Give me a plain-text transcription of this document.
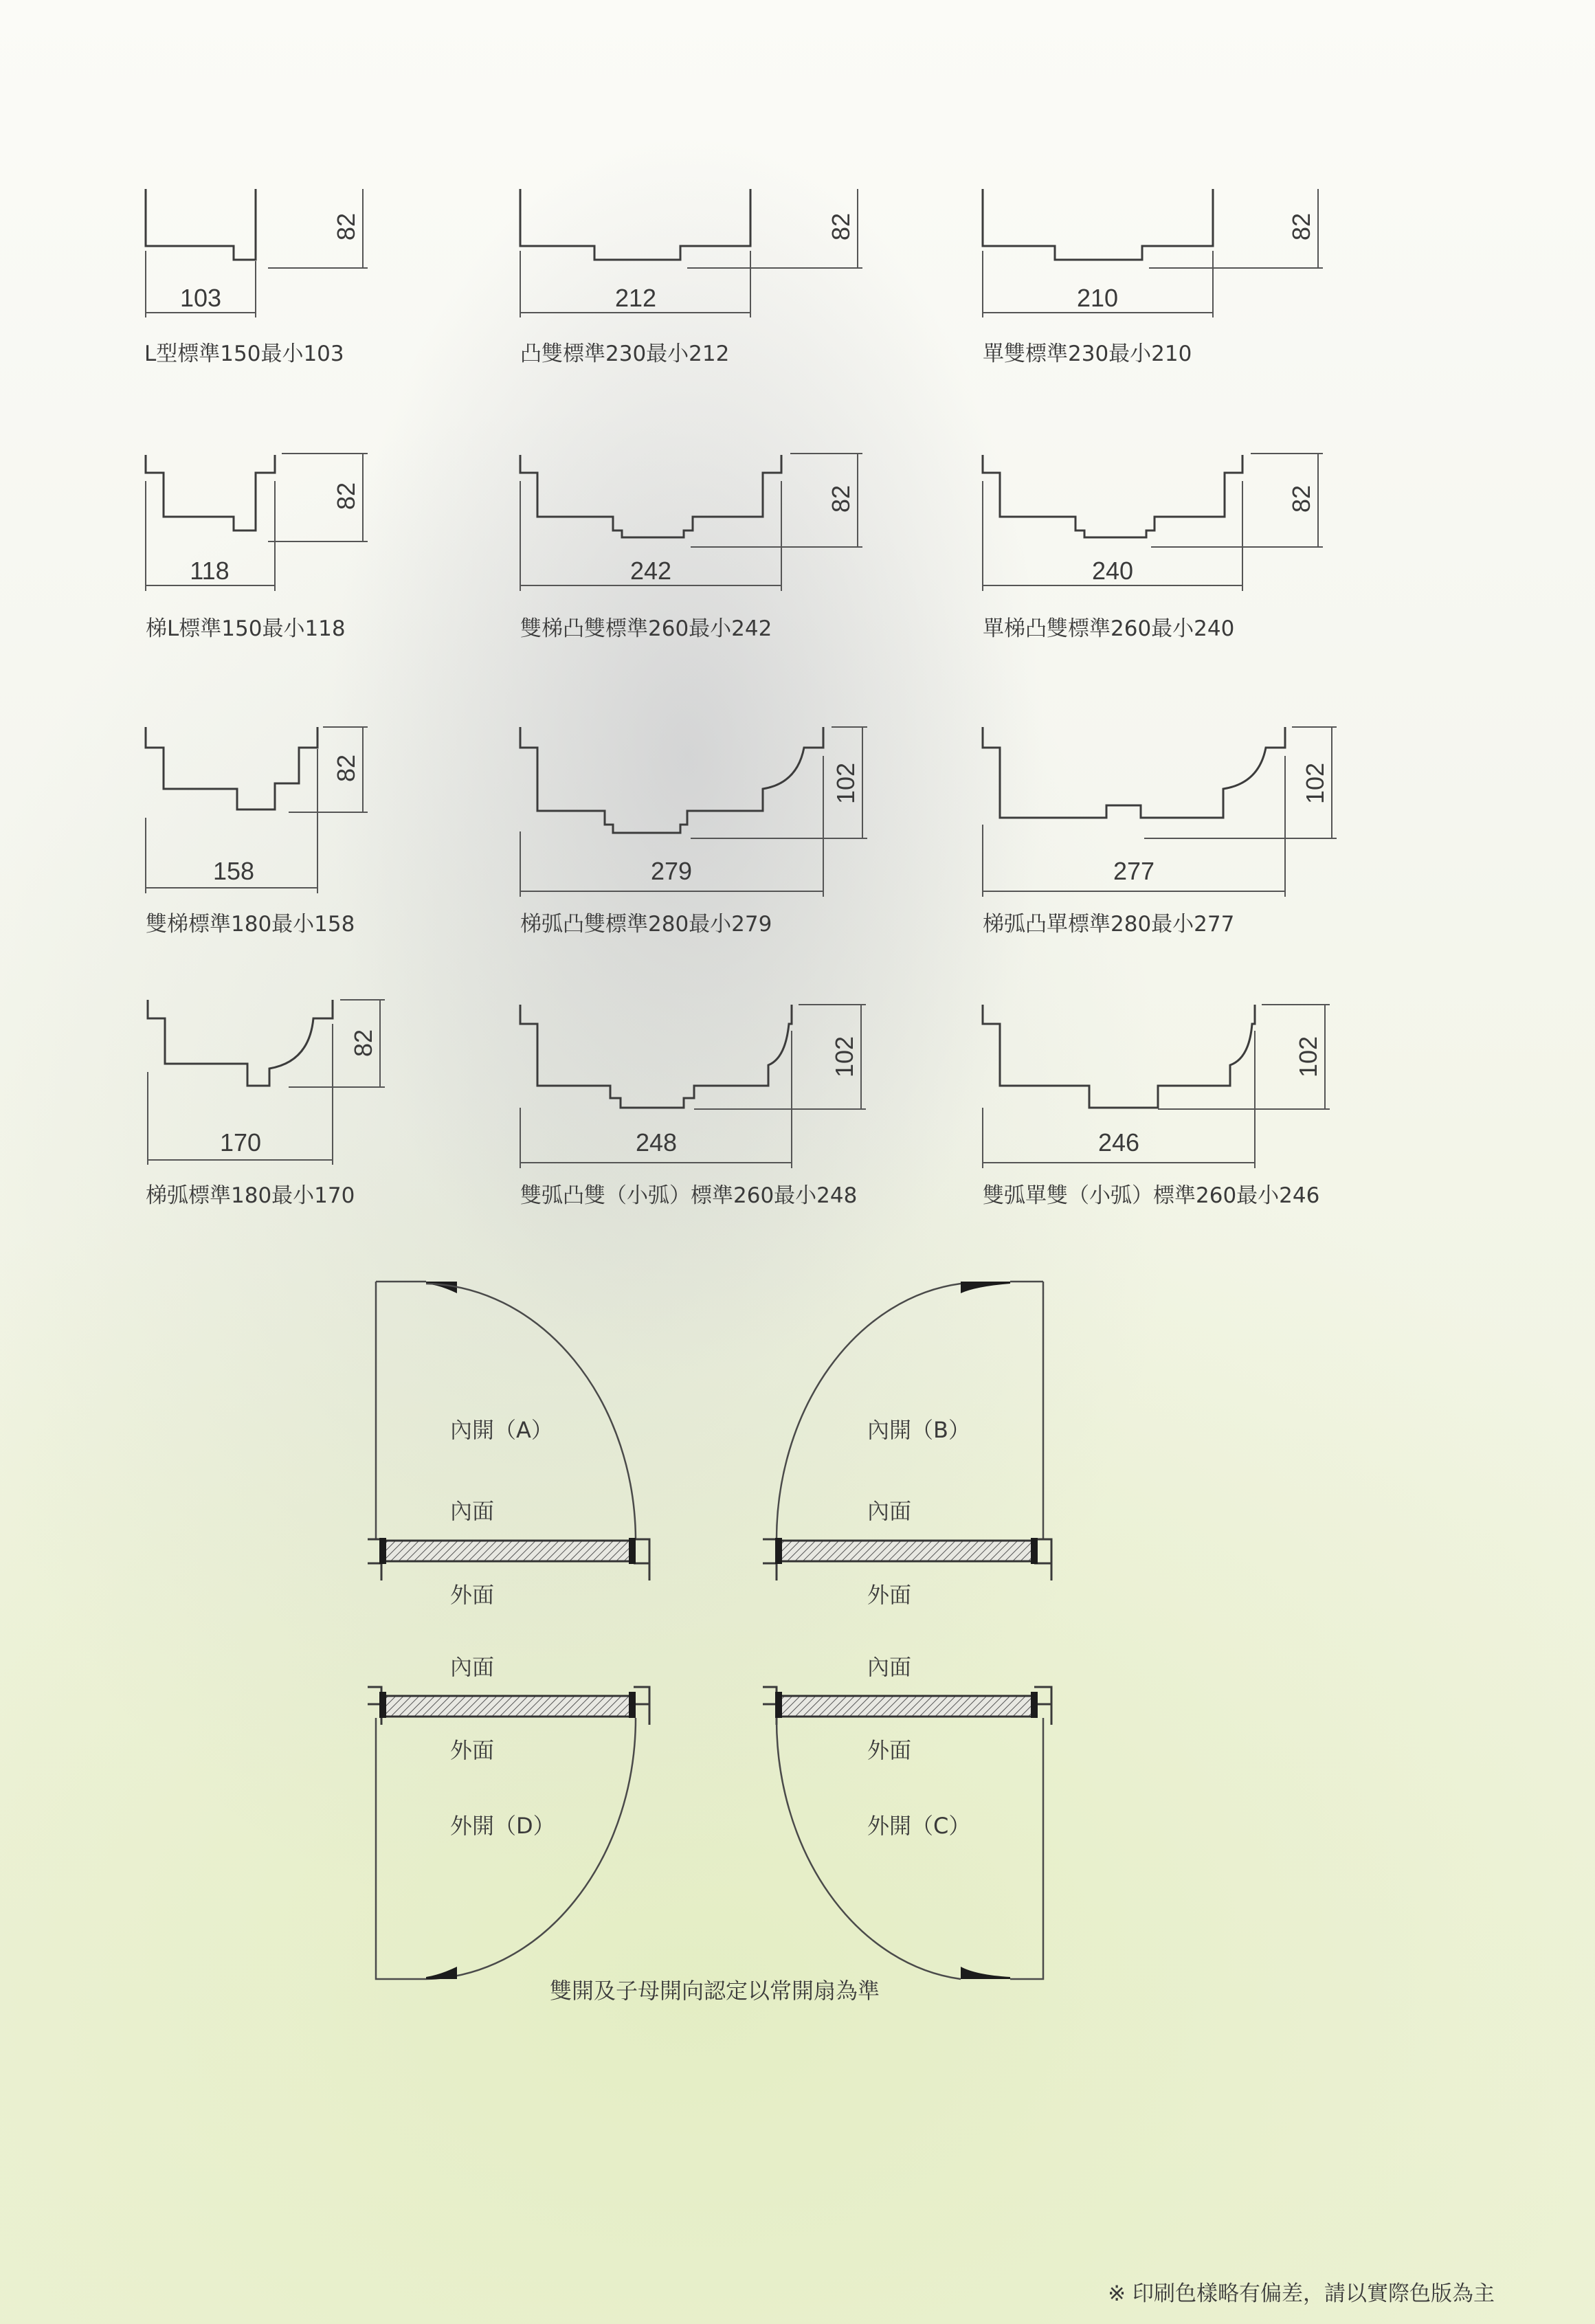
103
82
L型標準150最小103
212
82
凸雙標準230最小212
210
82
單雙標準230最小210
118
82
梯L標準150最小118
242
82
雙梯凸雙標準260最小242
240
82
單梯凸雙標準260最小240
158
82
雙梯標準180最小158
279
102
梯弧凸雙標準280最小279
277
102
梯弧凸單標準280最小277
170
82
梯弧標準180最小170
248
102
雙弧凸雙（小弧）標準260最小248
246
102
雙弧單雙（小弧）標準260最小246
內開（A）
內面
外面
內開（B）
內面
外面
內面
外面
外開（D）
內面
外面
外開（C）
雙開及子母開向認定以常開扇為準
※ 印刷色樣略有偏差，請以實際色版為主
